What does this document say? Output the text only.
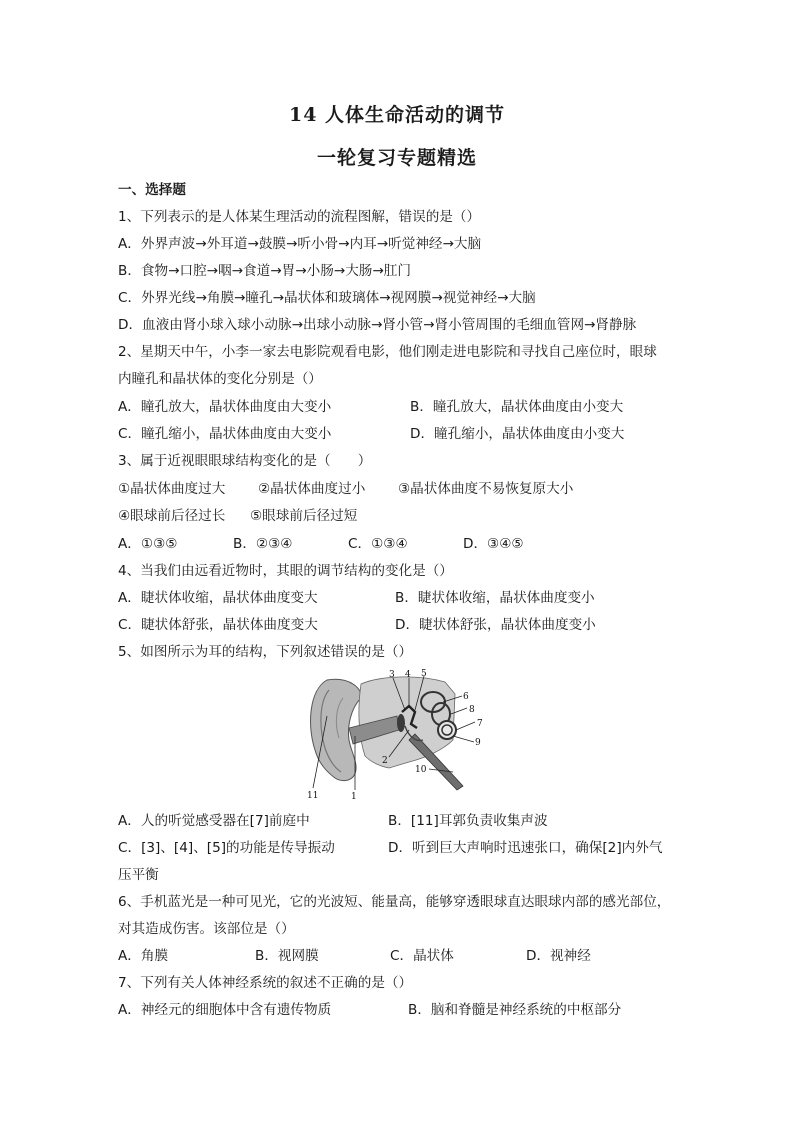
14 人体生命活动的调节
一轮复习专题精选
一、选择题
1、下列表示的是人体某生理活动的流程图解，错误的是（）
A．外界声波→外耳道→鼓膜→听小骨→内耳→听觉神经→大脑
B．食物→口腔→咽→食道→胃→小肠→大肠→肛门
C．外界光线→角膜→瞳孔→晶状体和玻璃体→视网膜→视觉神经→大脑
D．血液由肾小球入球小动脉→出球小动脉→肾小管→肾小管周围的毛细血管网→肾静脉
2、星期天中午，小李一家去电影院观看电影，他们刚走进电影院和寻找自己座位时，眼球
内瞳孔和晶状体的变化分别是（）
A．瞳孔放大，晶状体曲度由大变小	B．瞳孔放大，晶状体曲度由小变大
C．瞳孔缩小，晶状体曲度由大变小	D．瞳孔缩小，晶状体曲度由小变大
3、属于近视眼眼球结构变化的是（　　）
①晶状体曲度过大 ②晶状体曲度过小 ③晶状体曲度不易恢复原大小
④眼球前后径过长 ⑤眼球前后径过短
A．①③⑤	B．②③④	C．①③④	D．③④⑤
4、当我们由远看近物时，其眼的调节结构的变化是（）
A．睫状体收缩，晶状体曲度变大	B．睫状体收缩，晶状体曲度变小
C．睫状体舒张，晶状体曲度变大	D．睫状体舒张，晶状体曲度变小
5、如图所示为耳的结构，下列叙述错误的是（）
1
2
3 4 5
6
7
8
9
10
11
A．人的听觉感受器在[7]前庭中	B．[11]耳郭负责收集声波
C．[3]、[4]、[5]的功能是传导振动	D．听到巨大声响时迅速张口，确保[2]内外气
压平衡
6、手机蓝光是一种可见光，它的光波短、能量高，能够穿透眼球直达眼球内部的感光部位，
对其造成伤害。该部位是（）
A．角膜	B．视网膜	C．晶状体	D．视神经
7、下列有关人体神经系统的叙述不正确的是（）
A．神经元的细胞体中含有遗传物质	B．脑和脊髓是神经系统的中枢部分
